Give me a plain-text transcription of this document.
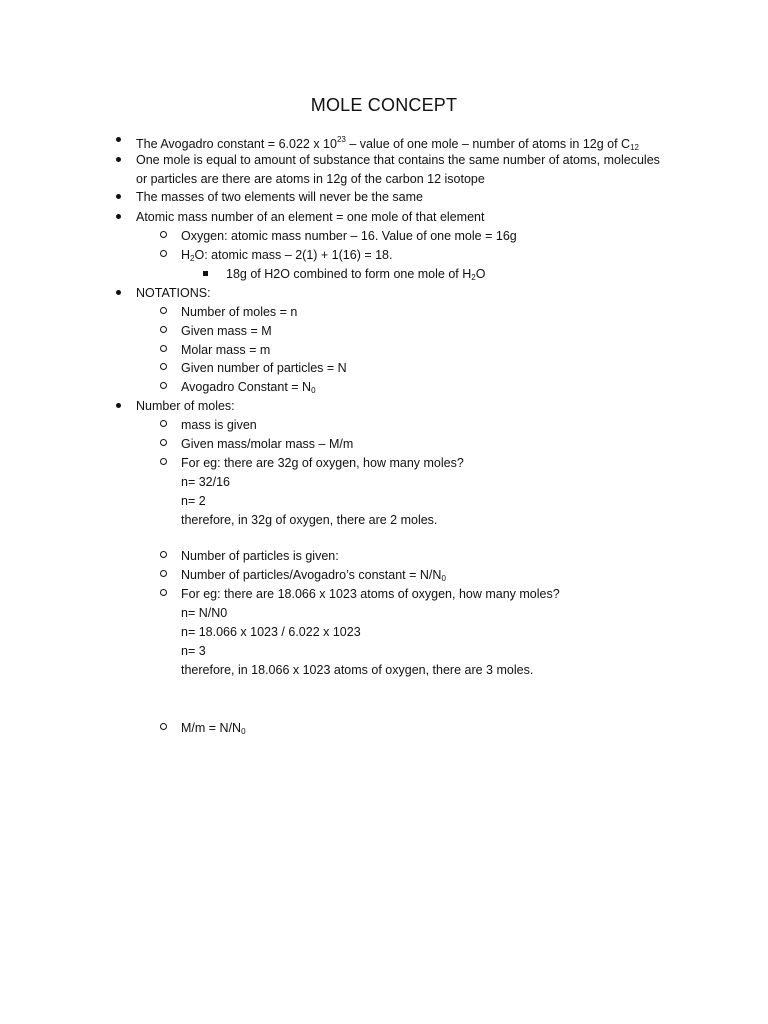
MOLE CONCEPT
The Avogadro constant = 6.022 x $10^{23}$ – value of one mole – number of atoms in 12g of $C_{12}$
One mole is equal to amount of substance that contains the same number of atoms, molecules
or particles are there are atoms in 12g of the carbon 12 isotope
The masses of two elements will never be the same
Atomic mass number of an element = one mole of that element
Oxygen: atomic mass number – 16. Value of one mole = 16g
$H_2O$: atomic mass – 2(1) + 1(16) = 18.
18g of H2O combined to form one mole of $H_2O$
NOTATIONS:
Number of moles = n
Given mass = M
Molar mass = m
Given number of particles = N
Avogadro Constant = $N_0$
Number of moles:
mass is given
Given mass/molar mass – M/m
For eg: there are 32g of oxygen, how many moles?
n= 32/16
n= 2
therefore, in 32g of oxygen, there are 2 moles.
Number of particles is given:
Number of particles/Avogadro’s constant = $N/N_0$
For eg: there are 18.066 x 1023 atoms of oxygen, how many moles?
n= N/N0
n= 18.066 x 1023 / 6.022 x 1023
n= 3
therefore, in 18.066 x 1023 atoms of oxygen, there are 3 moles.
$M/m = N/N_0$
